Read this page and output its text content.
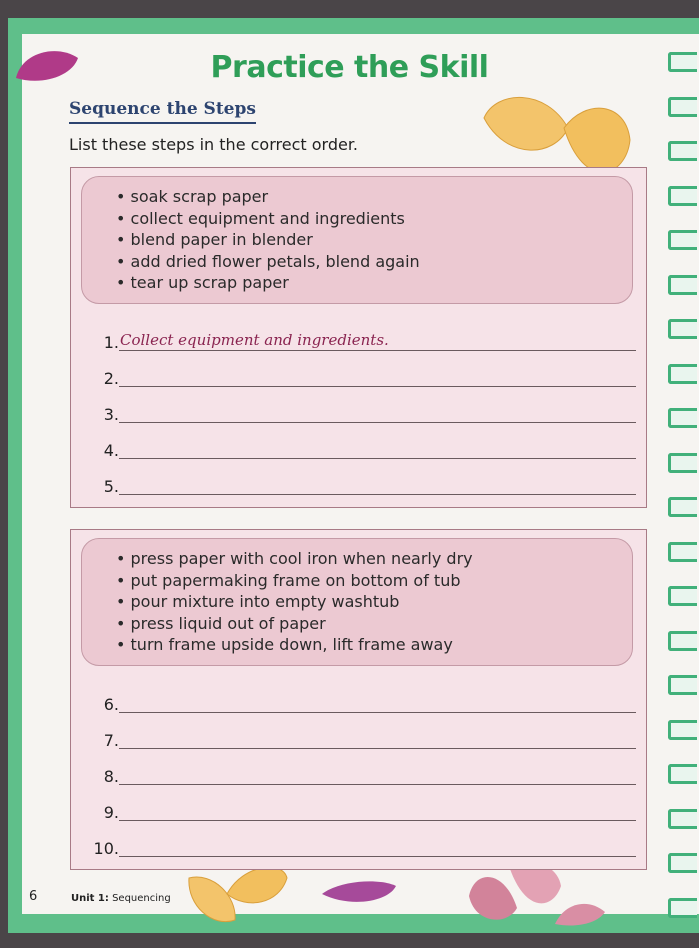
Practice the Skill
Sequence the Steps
List these steps in the correct order.
• soak scrap paper
• collect equipment and ingredients
• blend paper in blender
• add dried flower petals, blend again
• tear up scrap paper
1. Collect equipment and ingredients.
2.
3.
4.
5.
• press paper with cool iron when nearly dry
• put papermaking frame on bottom of tub
• pour mixture into empty washtub
• press liquid out of paper
• turn frame upside down, lift frame away
6.
7.
8.
9.
10.
6	Unit 1: Sequencing
